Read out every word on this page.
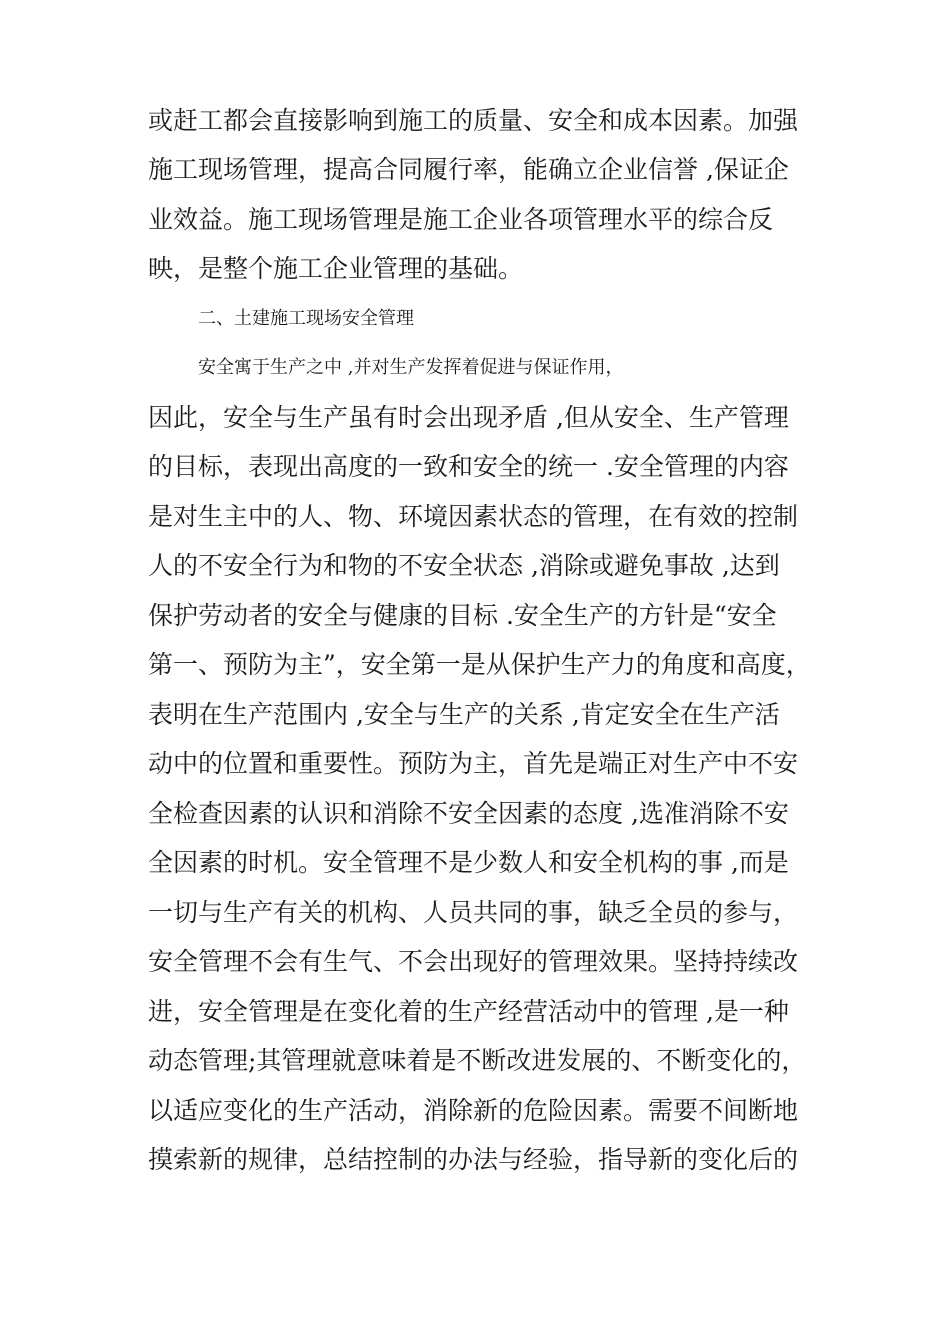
或赶工都会直接影响到施工的质量、安全和成本因素。加强
施工现场管理，提高合同履行率，能确立企业信誉 ,保证企
业效益。施工现场管理是施工企业各项管理水平的综合反
映，是整个施工企业管理的基础。
二、土建施工现场安全管理
安全寓于生产之中 ,并对生产发挥着促进与保证作用，
因此，安全与生产虽有时会出现矛盾 ,但从安全、生产管理
的目标，表现出高度的一致和安全的统一 .安全管理的内容
是对生主中的人、物、环境因素状态的管理，在有效的控制
人的不安全行为和物的不安全状态 ,消除或避免事故 ,达到
保护劳动者的安全与健康的目标 .安全生产的方针是“安全
第一、预防为主”，安全第一是从保护生产力的角度和高度，
表明在生产范围内 ,安全与生产的关系 ,肯定安全在生产活
动中的位置和重要性。预防为主，首先是端正对生产中不安
全检查因素的认识和消除不安全因素的态度 ,选准消除不安
全因素的时机。安全管理不是少数人和安全机构的事 ,而是
一切与生产有关的机构、人员共同的事，缺乏全员的参与，
安全管理不会有生气、不会出现好的管理效果。坚持持续改
进，安全管理是在变化着的生产经营活动中的管理 ,是一种
动态管理;其管理就意味着是不断改进发展的、不断变化的，
以适应变化的生产活动，消除新的危险因素。需要不间断地
摸索新的规律，总结控制的办法与经验，指导新的变化后的
